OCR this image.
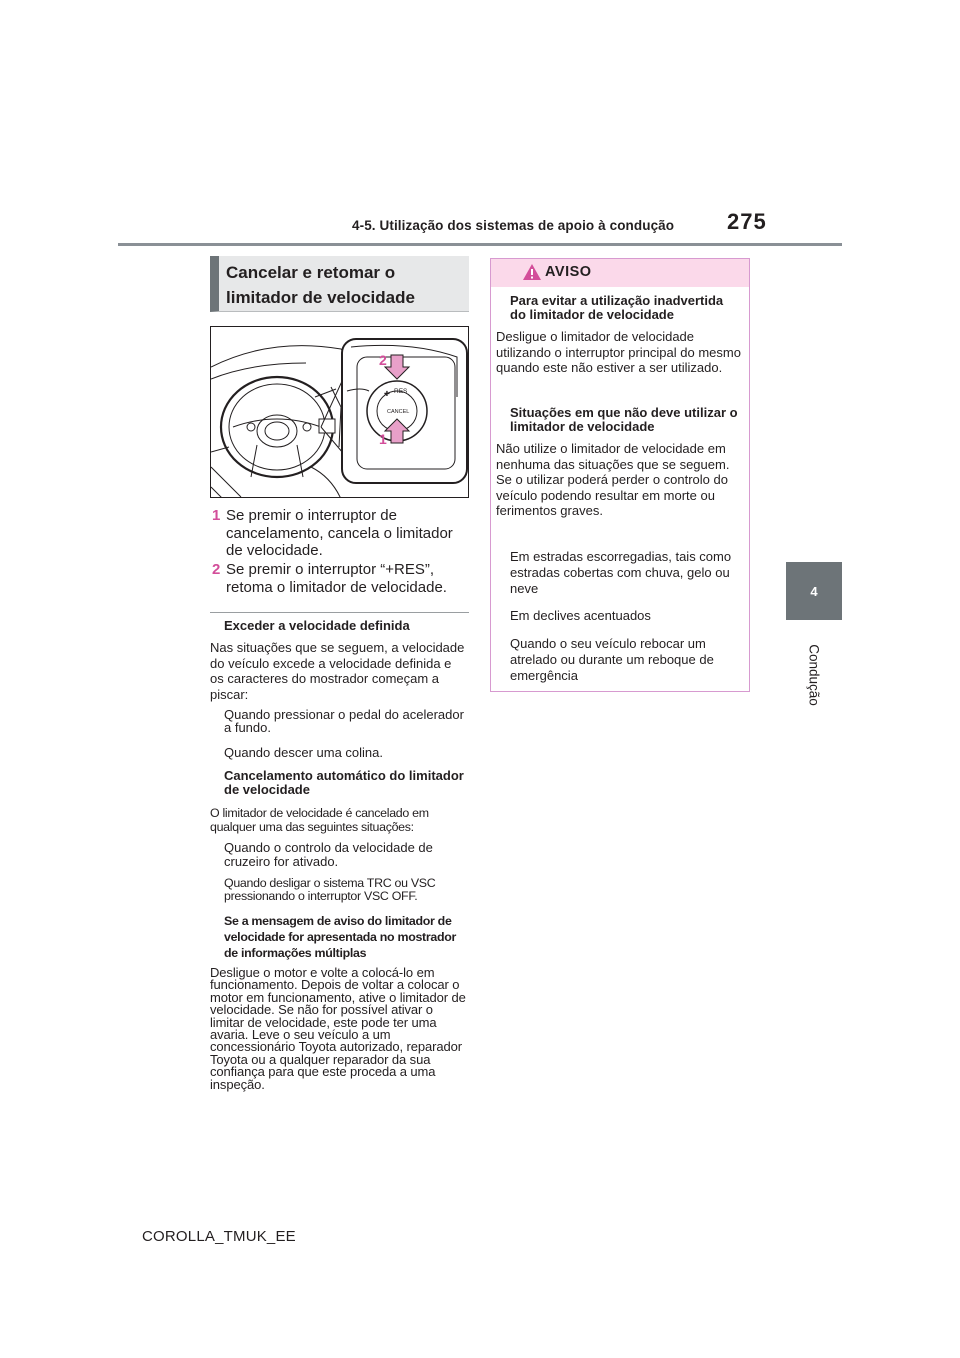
4-5. Utilização dos sistemas de apoio à condução 275
4
Condução
Cancelar e retomar o limitador de velocidade
RES
✚
CANCEL
2
1
1 Se premir o interruptor de cancelamento, cancela o limitador de velocidade.
2 Se premir o interruptor “+RES”, retoma o limitador de velocidade.
Exceder a velocidade definida
Nas situações que se seguem, a velocidade do veículo excede a velocidade definida e os caracteres do mostrador começam a piscar:
Quando pressionar o pedal do acelerador a fundo.
Quando descer uma colina.
Cancelamento automático do limitador de velocidade
O limitador de velocidade é cancelado em qualquer uma das seguintes situações:
Quando o controlo da velocidade de cruzeiro for ativado.
Quando desligar o sistema TRC ou VSC pressionando o interruptor VSC OFF.
Se a mensagem de aviso do limitador de velocidade for apresentada no mostrador de informações múltiplas
Desligue o motor e volte a colocá-lo em funcionamento. Depois de voltar a colocar o motor em funcionamento, ative o limitador de velocidade. Se não for possível ativar o limitar de velocidade, este pode ter uma avaria. Leve o seu veículo a um concessionário Toyota autorizado, reparador Toyota ou a qualquer reparador da sua confiança para que este proceda a uma inspeção.
AVISO
Para evitar a utilização inadvertida do limitador de velocidade
Desligue o limitador de velocidade utilizando o interruptor principal do mesmo quando este não estiver a ser utilizado.
Situações em que não deve utilizar o limitador de velocidade
Não utilize o limitador de velocidade em nenhuma das situações que se seguem. Se o utilizar poderá perder o controlo do veículo podendo resultar em morte ou ferimentos graves.
Em estradas escorregadias, tais como estradas cobertas com chuva, gelo ou neve
Em declives acentuados
Quando o seu veículo rebocar um atrelado ou durante um reboque de emergência
COROLLA_TMUK_EE
